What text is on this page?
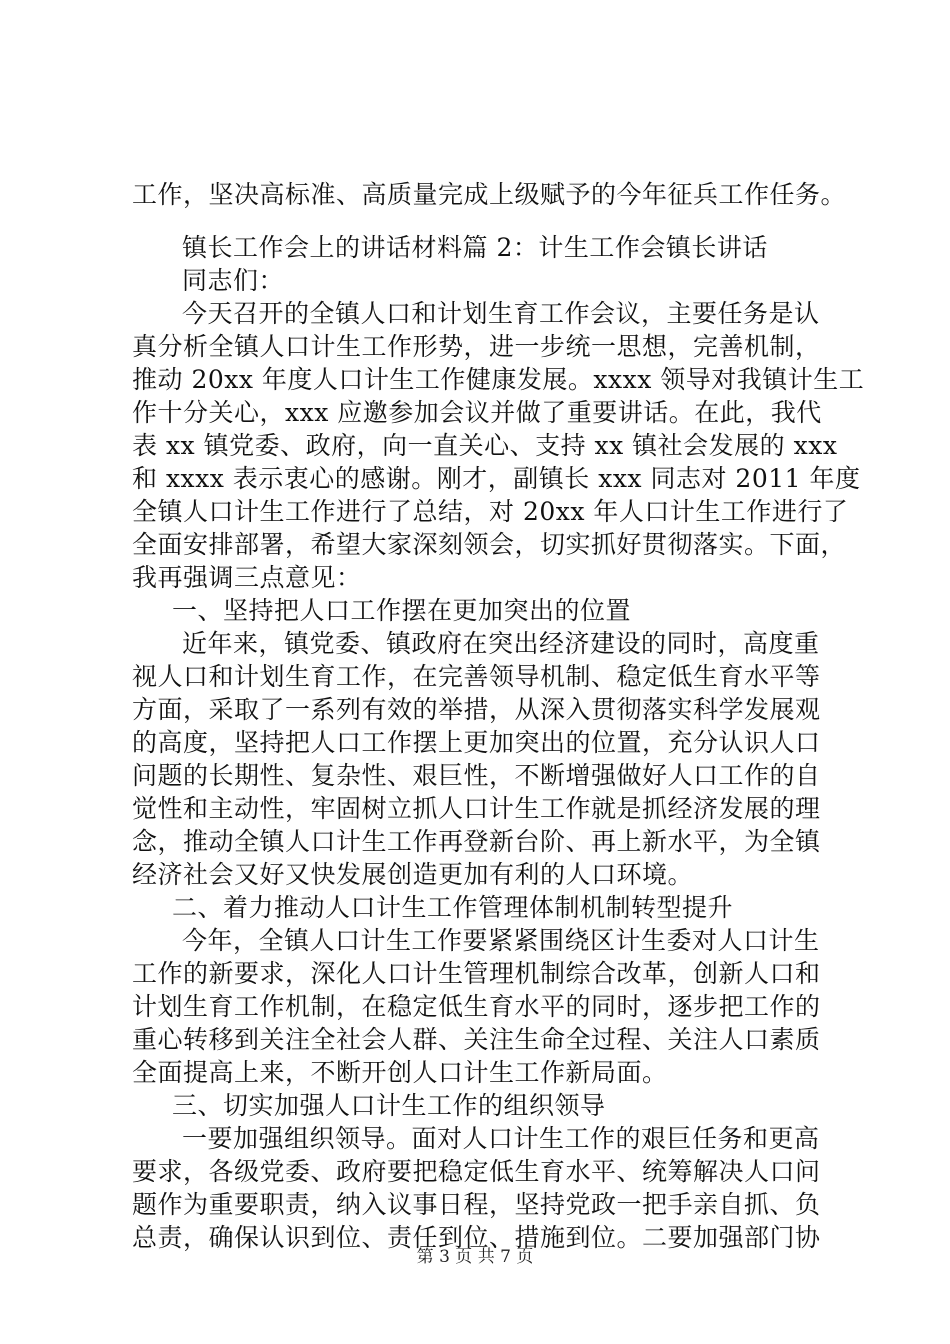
工作，坚决高标准、高质量完成上级赋予的今年征兵工作任务。
镇长工作会上的讲话材料篇 2：计生工作会镇长讲话
同志们：
今天召开的全镇人口和计划生育工作会议，主要任务是认
真分析全镇人口计生工作形势，进一步统一思想，完善机制，
推动 20xx 年度人口计生工作健康发展。xxxx 领导对我镇计生工
作十分关心，xxx 应邀参加会议并做了重要讲话。在此，我代
表 xx 镇党委、政府，向一直关心、支持 xx 镇社会发展的 xxx
和 xxxx 表示衷心的感谢。刚才，副镇长 xxx 同志对 2011 年度
全镇人口计生工作进行了总结，对 20xx 年人口计生工作进行了
全面安排部署，希望大家深刻领会，切实抓好贯彻落实。下面，
我再强调三点意见：
一、坚持把人口工作摆在更加突出的位置
近年来，镇党委、镇政府在突出经济建设的同时，高度重
视人口和计划生育工作，在完善领导机制、稳定低生育水平等
方面，采取了一系列有效的举措，从深入贯彻落实科学发展观
的高度，坚持把人口工作摆上更加突出的位置，充分认识人口
问题的长期性、复杂性、艰巨性，不断增强做好人口工作的自
觉性和主动性，牢固树立抓人口计生工作就是抓经济发展的理
念，推动全镇人口计生工作再登新台阶、再上新水平，为全镇
经济社会又好又快发展创造更加有利的人口环境。
二、着力推动人口计生工作管理体制机制转型提升
今年，全镇人口计生工作要紧紧围绕区计生委对人口计生
工作的新要求，深化人口计生管理机制综合改革，创新人口和
计划生育工作机制，在稳定低生育水平的同时，逐步把工作的
重心转移到关注全社会人群、关注生命全过程、关注人口素质
全面提高上来，不断开创人口计生工作新局面。
三、切实加强人口计生工作的组织领导
一要加强组织领导。面对人口计生工作的艰巨任务和更高
要求，各级党委、政府要把稳定低生育水平、统筹解决人口问
题作为重要职责，纳入议事日程，坚持党政一把手亲自抓、负
总责，确保认识到位、责任到位、措施到位。二要加强部门协
第 3 页 共 7 页
